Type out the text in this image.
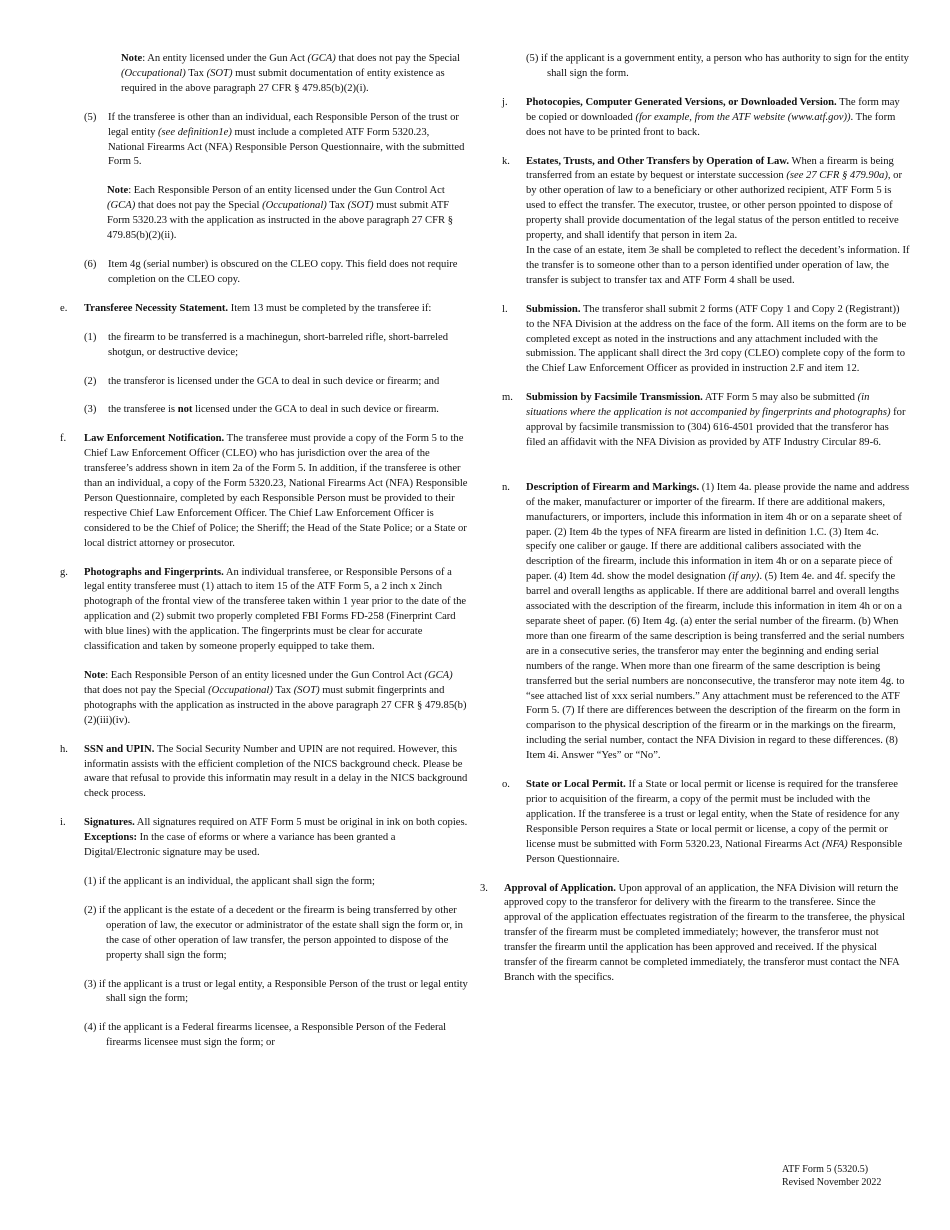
Note: An entity licensed under the Gun Act (GCA) that does not pay the Special (Occupational) Tax (SOT) must submit documentation of entity existence as required in the above paragraph 27 CFR § 479.85(b)(2)(i).

(5) If the transferee is other than an individual, each Responsible Person of the trust or legal entity (see definition1e) must include a completed ATF Form 5320.23, National Firearms Act (NFA) Responsible Person Questionnaire, with the submitted Form 5.

Note: Each Responsible Person of an entity licensed under the Gun Control Act (GCA) that does not pay the Special (Occupational) Tax (SOT) must submit ATF Form 5320.23 with the application as instructed in the above paragraph 27 CFR § 479.85(b)(2)(ii).

(6) Item 4g (serial number) is obscured on the CLEO copy. This field does not require completion on the CLEO copy.

e. Transferee Necessity Statement. Item 13 must be completed by the transferee if:

(1) the firearm to be transferred is a machinegun, short-barreled rifle, short-barreled shotgun, or destructive device;

(2) the transferor is licensed under the GCA to deal in such device or firearm; and

(3) the transferee is not licensed under the GCA to deal in such device or firearm.

f. Law Enforcement Notification. The transferee must provide a copy of the Form 5 to the Chief Law Enforcement Officer (CLEO) who has jurisdiction over the area of the transferee’s address shown in item 2a of the Form 5. In addition, if the transferee is other than an individual, a copy of the Form 5320.23, National Firearms Act (NFA) Responsible Person Questionnaire, completed by each Responsible Person must be provided to their respective Chief Law Enforcement Officer. The Chief Law Enforcement Officer is considered to be the Chief of Police; the Sheriff; the Head of the State Police; or a State or local district attorney or prosecutor.

g. Photographs and Fingerprints. An individual transferee, or Responsible Persons of a legal entity transferee must (1) attach to item 15 of the ATF Form 5, a 2 inch x 2inch photograph of the frontal view of the transferee taken within 1 year prior to the date of the application and (2) submit two properly completed FBI Forms FD-258 (Finerprint Card with blue lines) with the application. The fingerprints must be clear for accurate classification and taken by someone properly equipped to take them.

Note: Each Responsible Person of an entity licesned under the Gun Control Act (GCA) that does not pay the Special (Occupational) Tax (SOT) must submit fingerprints and photographs with the application as instructed in the above paragraph 27 CFR § 479.85(b)(2)(iii)(iv).

h. SSN and UPIN. The Social Security Number and UPIN are not required. However, this informatin assists with the efficient completion of the NICS background check. Please be aware that refusal to provide this informatin may result in a delay in the NICS background check process.

i. Signatures. All signatures required on ATF Form 5 must be original in ink on both copies. Exceptions: In the case of eforms or where a variance has been granted a Digital/Electronic signature may be used.

(1) if the applicant is an individual, the applicant shall sign the form;

(2) if the applicant is the estate of a decedent or the firearm is being transferred by other operation of law, the executor or administrator of the estate shall sign the form or, in the case of other operation of law transfer, the person appointed to dispose of the property shall sign the form;

(3) if the applicant is a trust or legal entity, a Responsible Person of the trust or legal entity shall sign the form;

(4) if the applicant is a Federal firearms licensee, a Responsible Person of the Federal firearms licensee must sign the form; or

(5) if the applicant is a government entity, a person who has authority to sign for the entity shall sign the form.

j. Photocopies, Computer Generated Versions, or Downloaded Version. The form may be copied or downloaded (for example, from the ATF website (www.atf.gov)). The form does not have to be printed front to back.

k. Estates, Trusts, and Other Transfers by Operation of Law. When a firearm is being transferred from an estate by bequest or interstate succession (see 27 CFR § 479.90a), or by other operation of law to a beneficiary or other authorized recipient, ATF Form 5 is used to effect the transfer. The executor, trustee, or other person ppointed to dispose of property shall provide documentation of the legal status of the person entitled to receive property, and shall identify that person in item 2a.

In the case of an estate, item 3e shall be completed to reflect the decedent’s information. If the transfer is to someone other than to a person identified under operation of law, the transfer is subject to transfer tax and ATF Form 4 shall be used.

l. Submission. The transferor shall submit 2 forms (ATF Copy 1 and Copy 2 (Registrant)) to the NFA Division at the address on the face of the form. All items on the form are to be completed except as noted in the instructions and any attachment included with the submission. The applicant shall direct the 3rd copy (CLEO) complete copy of the form to the Chief Law Enforcement Officer as provided in instruction 2.F and item 12.

m. Submission by Facsimile Transmission. ATF Form 5 may also be submitted (in situations where the application is not accompanied by fingerprints and photographs) for approval by facsimile transmission to (304) 616-4501 provided that the transferor has filed an affidavit with the NFA Division as provided by ATF Industry Circular 89-6.

n. Description of Firearm and Markings. (1) Item 4a. please provide the name and address of the maker, manufacturer or importer of the firearm. If there are additional makers, manufacturers, or importers, include this information in item 4h or on a separate sheet of paper. (2) Item 4b the types of NFA firearm are listed in definition 1.C. (3) Item 4c. specify one caliber or gauge. If there are additional calibers associated with the description of the firearm, include this information in item 4h or on a separate piece of paper. (4) Item 4d. show the model designation (if any). (5) Item 4e. and 4f. specify the barrel and overall lengths as applicable. If there are additional barrel and overall lengths associated with the description of the firearm, include this information in item 4h or on a separate sheet of paper. (6) Item 4g. (a) enter the serial number of the firearm. (b) When more than one firearm of the same description is being transferred and the serial numbers are in a consecutive series, the transferor may enter the beginning and ending serial numbers of the range. When more than one firearm of the same description is being transferred but the serial numbers are nonconsecutive, the transferor may note item 4g. to “see attached list of xxx serial numbers.” Any attachment must be referenced to the ATF Form 5. (7) If there are differences between the description of the firearm on the form in comparison to the physical description of the firearm or in the markings on the firearm, including the serial number, contact the NFA Division in regard to these differences. (8) Item 4i. Answer “Yes” or “No”.

o. State or Local Permit. If a State or local permit or license is required for the transferee prior to acquisition of the firearm, a copy of the permit must be included with the application. If the transferee is a trust or legal entity, when the State of residence for any Responsible Person requires a State or local permit or license, a copy of the permit or license must be submitted with Form 5320.23, National Firearms Act (NFA) Responsible Person Questionnaire.

3. Approval of Application. Upon approval of an application, the NFA Division will return the approved copy to the transferor for delivery with the firearm to the transferee. Since the approval of the application effectuates registration of the firearm to the transferee, the physical transfer of the firearm must be completed immediately; however, the transferor must not transfer the firearm until the application has been approved and received. If the physical transfer of the firearm cannot be completed immediately, the transferor must contact the NFA Branch with the specifics.

ATF Form 5 (5320.5)
Revised November 2022
